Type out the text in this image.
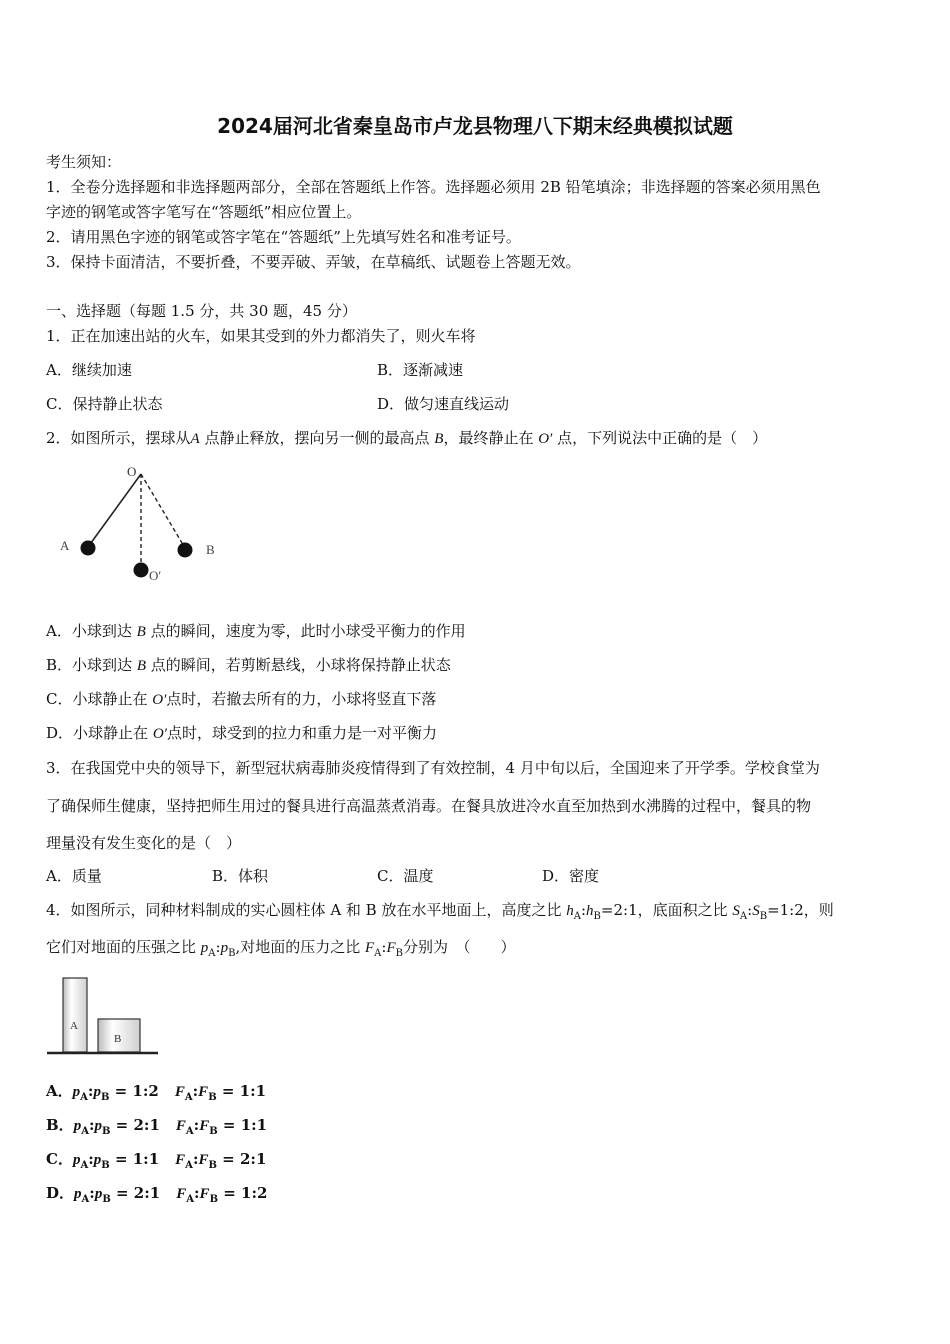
2024届河北省秦皇岛市卢龙县物理八下期末经典模拟试题
考生须知：
1．全卷分选择题和非选择题两部分，全部在答题纸上作答。选择题必须用 2B 铅笔填涂；非选择题的答案必须用黑色
字迹的钢笔或答字笔写在“答题纸”相应位置上。
2．请用黑色字迹的钢笔或答字笔在“答题纸”上先填写姓名和准考证号。
3．保持卡面清洁，不要折叠，不要弄破、弄皱，在草稿纸、试题卷上答题无效。
一、选择题（每题 1.5 分，共 30 题，45 分）
1．正在加速出站的火车，如果其受到的外力都消失了，则火车将
A．继续加速	B．逐渐减速
C．保持静止状态	D．做匀速直线运动
2．如图所示，摆球从A 点静止释放，摆向另一侧的最高点 B，最终静止在 O′ 点，下列说法中正确的是（　）
O
A	B
O′
A．小球到达 B 点的瞬间，速度为零，此时小球受平衡力的作用
B．小球到达 B 点的瞬间，若剪断悬线，小球将保持静止状态
C．小球静止在 O′点时，若撤去所有的力，小球将竖直下落
D．小球静止在 O′点时，球受到的拉力和重力是一对平衡力
3．在我国党中央的领导下，新型冠状病毒肺炎疫情得到了有效控制，4 月中旬以后，全国迎来了开学季。学校食堂为
了确保师生健康，坚持把师生用过的餐具进行高温蒸煮消毒。在餐具放进冷水直至加热到水沸腾的过程中，餐具的物
理量没有发生变化的是（　）
A．质量	B．体积	C．温度	D．密度
4．如图所示，同种材料制成的实心圆柱体 A 和 B 放在水平地面上，高度之比 $h_A:h_B=2:1$，底面积之比 $S_A:S_B=1:2$，则
它们对地面的压强之比 $p_A:p_B$,对地面的压力之比 $F_A:F_B$分别为　（　　）
A
B
A．$p_A:p_B$ = 1:2 $F_A:F_B$ = 1:1
B．$p_A:p_B$ = 2:1 $F_A:F_B$ = 1:1
C．$p_A:p_B$ = 1:1 $F_A:F_B$ = 2:1
D．$p_A:p_B$ = 2:1 $F_A:F_B$ = 1:2
